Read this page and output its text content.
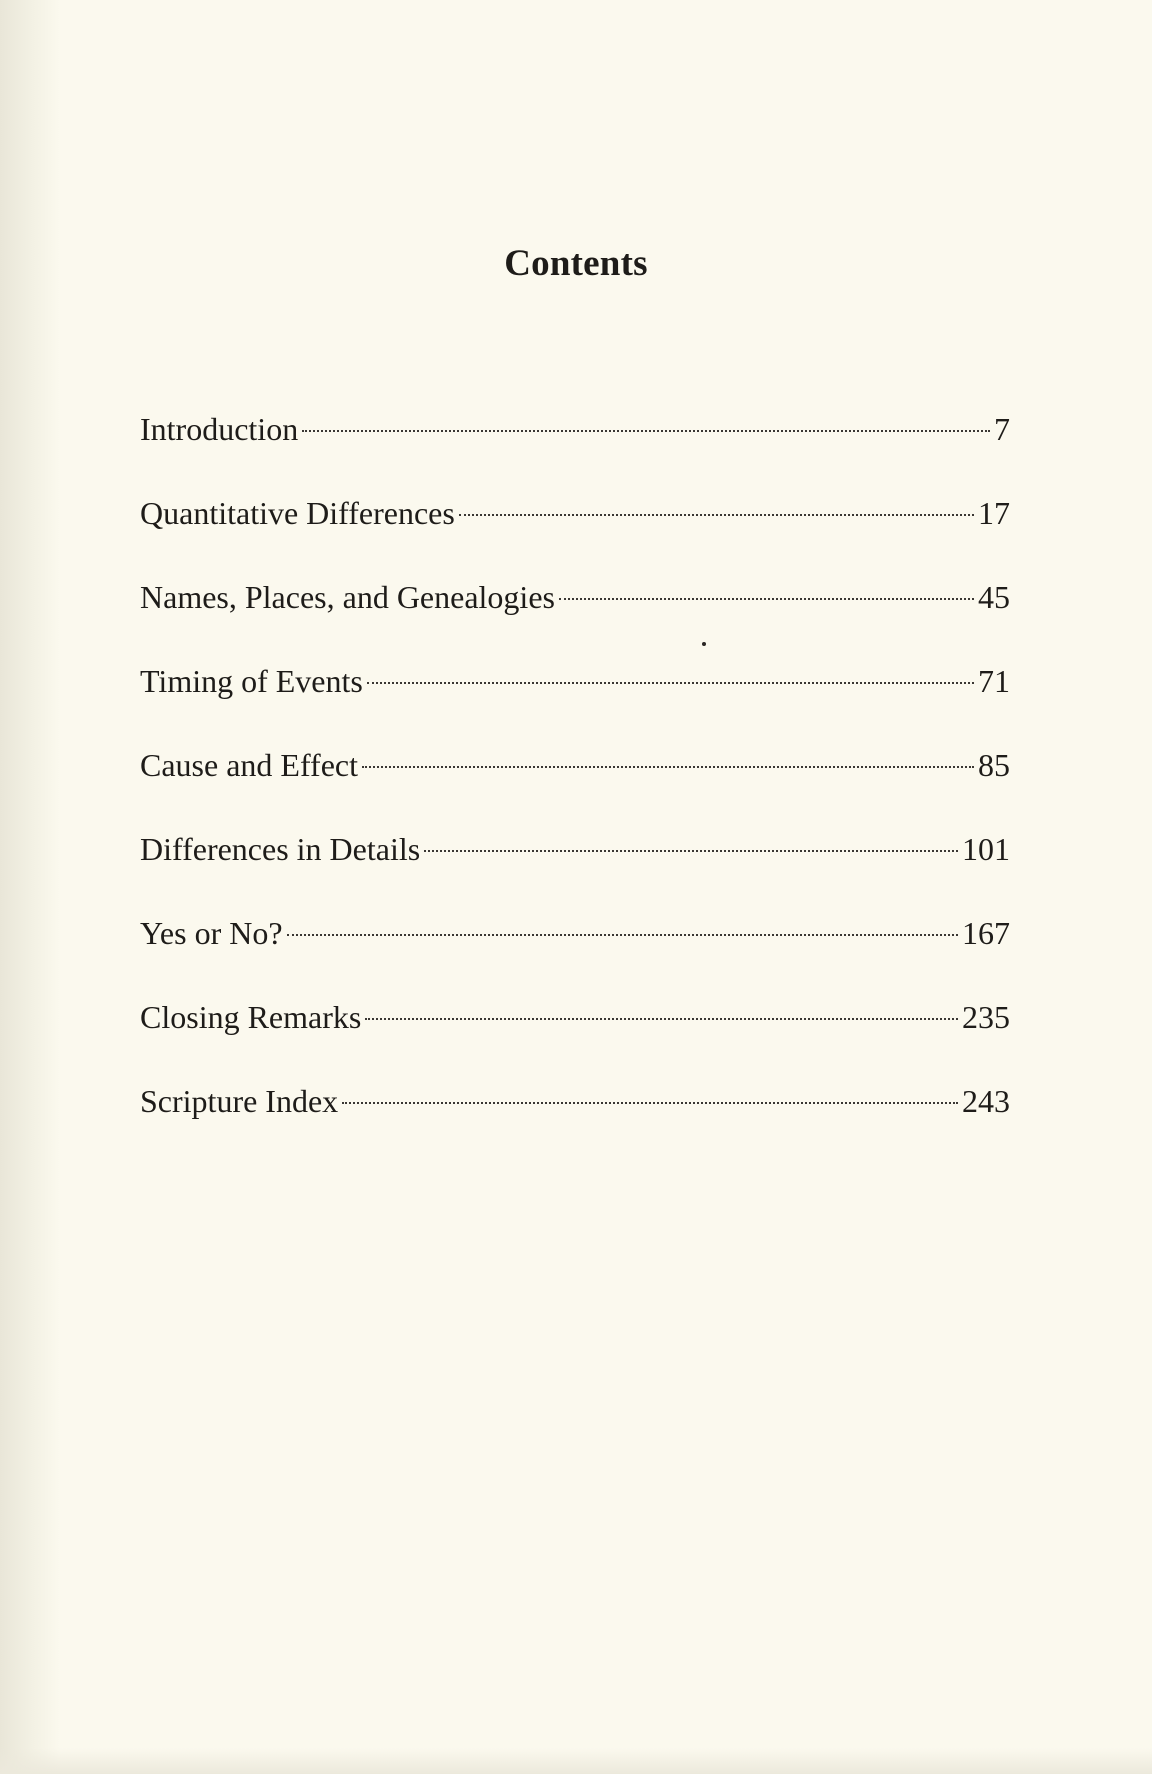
Contents
Introduction	7
Quantitative Differences	17
Names, Places, and Genealogies	45
Timing of Events	71
Cause and Effect	85
Differences in Details	101
Yes or No?	167
Closing Remarks	235
Scripture Index	243
